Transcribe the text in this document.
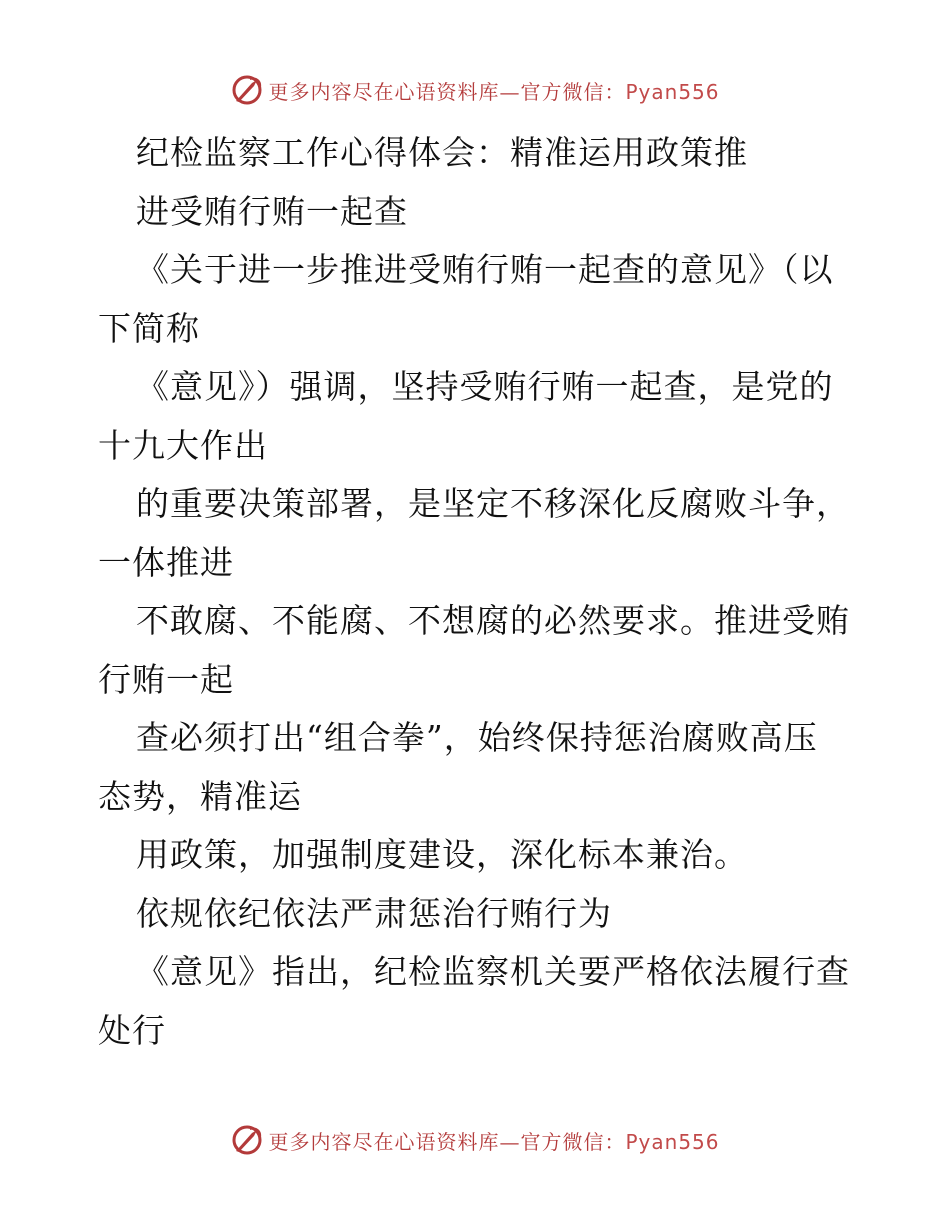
更多内容尽在心语资料库—官方微信：Pyan556
纪检监察工作心得体会：精准运用政策推
进受贿行贿一起查
《关于进一步推进受贿行贿一起查的意见》（以
下简称
《意见》）强调，坚持受贿行贿一起查，是党的
十九大作出
的重要决策部署，是坚定不移深化反腐败斗争，
一体推进
不敢腐、不能腐、不想腐的必然要求。推进受贿
行贿一起
查必须打出“组合拳”，始终保持惩治腐败高压
态势，精准运
用政策，加强制度建设，深化标本兼治。
依规依纪依法严肃惩治行贿行为
《意见》指出，纪检监察机关要严格依法履行查
处行
更多内容尽在心语资料库—官方微信：Pyan556
